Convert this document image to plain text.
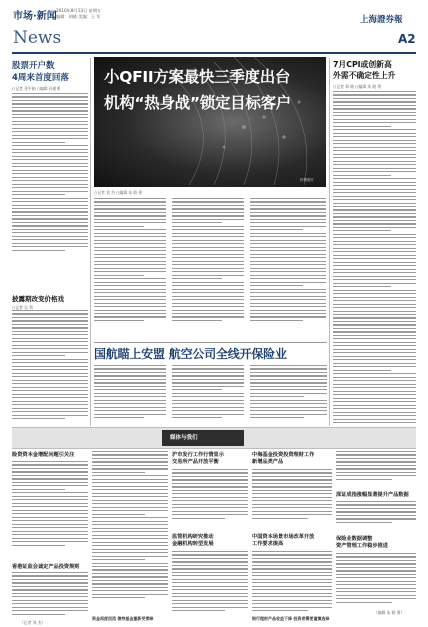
2010年8月13日 星期五
编辑：胡晓 美编：王 军
市场·新闻
News
上海證券報
A2
股票开户数
4周来首度回落
○记者 张平娟 ○编辑 孙建勇
披露期改变价格戏
○记者 吴 利
小QFII方案最快三季度出台
机构“热身战”锁定目标客户
○记者 刘 杰 ○编辑 朱 晓 勇
7月CPI或创新高
外需不确定性上升
○记者 郑 晓 ○编辑 朱 晓 勇
国航瞄上安盟 航空公司全线开保险业
媒体与我们
险资资本金增配问题引关注
香港证监会诚定产品投资规则
沪市发行工作行情显示
交易所产品开放平衡
监管机构研究推动
金融机构转型发展
中海基金投资投资理财工作
新增品类产品
中国资本场景市场改革开放
工作要求提高
深证成指涨幅显著提升产品数据
保险业数据调整
资产管理工作稳步推进
资金再度回流 债券基金重新受青睐	银行理财产品收益下降 投资者需要谨慎选择
（编辑 朱 晓 勇）
（记者 刘 杰）
钞票照片
